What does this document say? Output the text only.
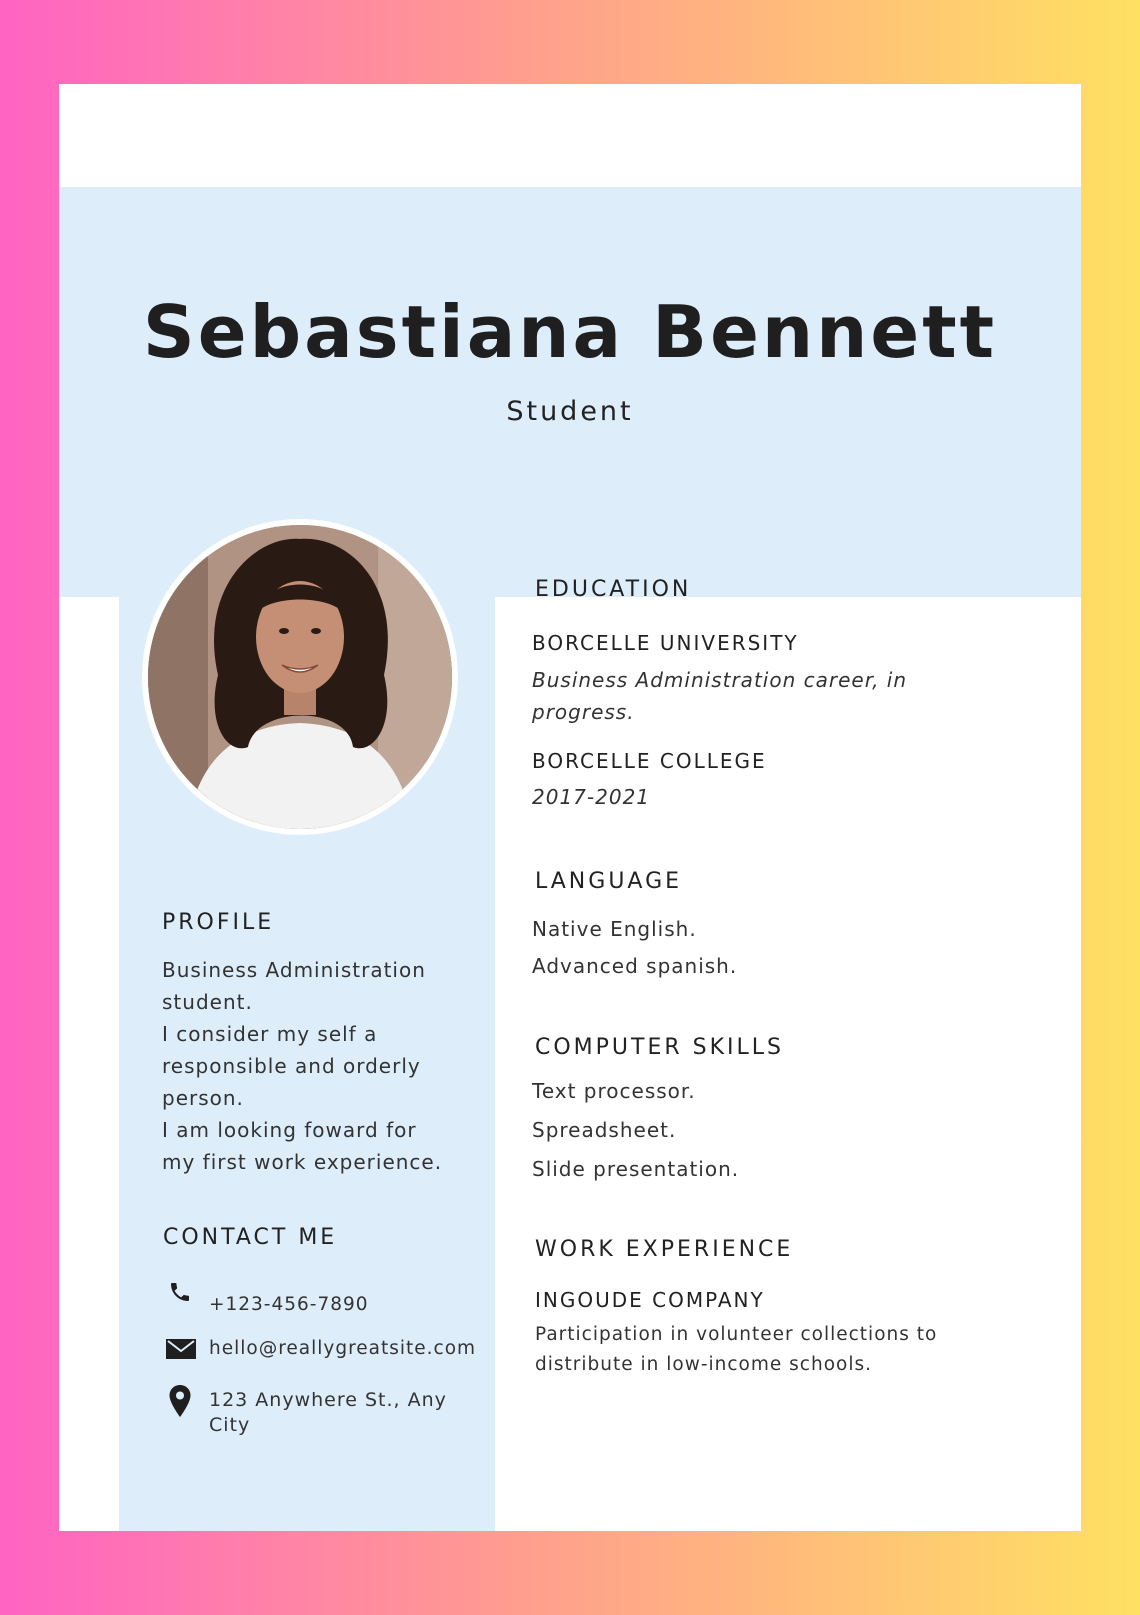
Sebastiana Bennett
Student
PROFILE
Business Administration
student.
I consider my self a
responsible and orderly
person.
I am looking foward for
my first work experience.
CONTACT ME
+123-456-7890
hello@reallygreatsite.com
123 Anywhere St., Any
City
EDUCATION
BORCELLE UNIVERSITY
Business Administration career, in
progress.
BORCELLE COLLEGE
2017-2021
LANGUAGE
Native English.
Advanced spanish.
COMPUTER SKILLS
Text processor.
Spreadsheet.
Slide presentation.
WORK EXPERIENCE
INGOUDE COMPANY
Participation in volunteer collections to
distribute in low-income schools.
